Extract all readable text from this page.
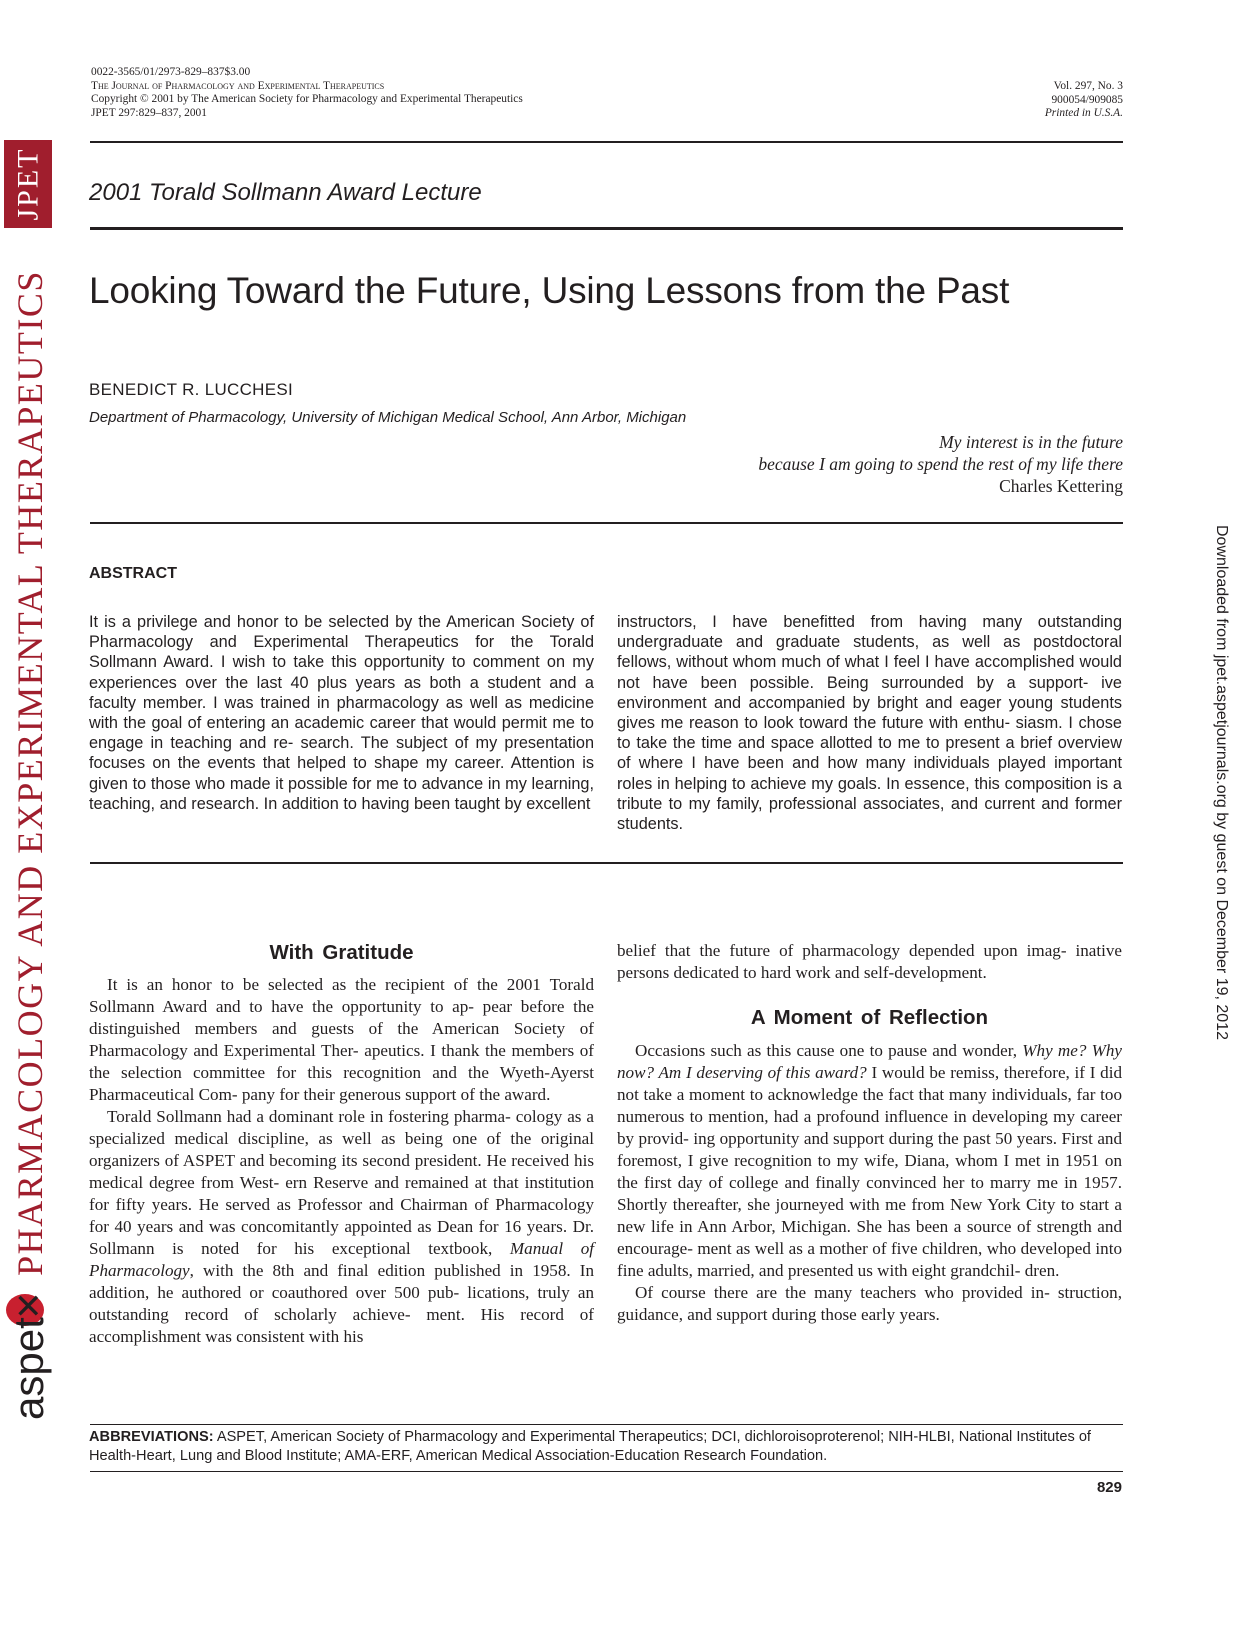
JPET
PHARMACOLOGY AND EXPERIMENTAL THERAPEUTICS
✕
aspet
Downloaded from jpet.aspetjournals.org by guest on December 19, 2012
0022-3565/01/2973-829–837$3.00
The Journal of Pharmacology and Experimental Therapeutics
Copyright © 2001 by The American Society for Pharmacology and Experimental Therapeutics
JPET 297:829–837, 2001
Vol. 297, No. 3
900054/909085
Printed in U.S.A.
2001 Torald Sollmann Award Lecture
Looking Toward the Future, Using Lessons from the Past
BENEDICT R. LUCCHESI
Department of Pharmacology, University of Michigan Medical School, Ann Arbor, Michigan
My interest is in the future
because I am going to spend the rest of my life there
Charles Kettering
ABSTRACT
It is a privilege and honor to be selected by the American Society of Pharmacology and Experimental Therapeutics for the Torald Sollmann Award. I wish to take this opportunity to comment on my experiences over the last 40 plus years as both a student and a faculty member. I was trained in pharmacology as well as medicine with the goal of entering an academic career that would permit me to engage in teaching and re- search. The subject of my presentation focuses on the events that helped to shape my career. Attention is given to those who made it possible for me to advance in my learning, teaching, and research. In addition to having been taught by excellent
instructors, I have benefitted from having many outstanding undergraduate and graduate students, as well as postdoctoral fellows, without whom much of what I feel I have accomplished would not have been possible. Being surrounded by a support- ive environment and accompanied by bright and eager young students gives me reason to look toward the future with enthu- siasm. I chose to take the time and space allotted to me to present a brief overview of where I have been and how many individuals played important roles in helping to achieve my goals. In essence, this composition is a tribute to my family, professional associates, and current and former students.
With Gratitude

It is an honor to be selected as the recipient of the 2001 Torald Sollmann Award and to have the opportunity to ap- pear before the distinguished members and guests of the American Society of Pharmacology and Experimental Ther- apeutics. I thank the members of the selection committee for this recognition and the Wyeth-Ayerst Pharmaceutical Com- pany for their generous support of the award.

Torald Sollmann had a dominant role in fostering pharma- cology as a specialized medical discipline, as well as being one of the original organizers of ASPET and becoming its second president. He received his medical degree from West- ern Reserve and remained at that institution for fifty years. He served as Professor and Chairman of Pharmacology for 40 years and was concomitantly appointed as Dean for 16 years. Dr. Sollmann is noted for his exceptional textbook, Manual of Pharmacology, with the 8th and final edition published in 1958. In addition, he authored or coauthored over 500 pub- lications, truly an outstanding record of scholarly achieve- ment. His record of accomplishment was consistent with his

belief that the future of pharmacology depended upon imag- inative persons dedicated to hard work and self-development.

A Moment of Reflection

Occasions such as this cause one to pause and wonder, Why me? Why now? Am I deserving of this award? I would be remiss, therefore, if I did not take a moment to acknowledge the fact that many individuals, far too numerous to mention, had a profound influence in developing my career by provid- ing opportunity and support during the past 50 years. First and foremost, I give recognition to my wife, Diana, whom I met in 1951 on the first day of college and finally convinced her to marry me in 1957. Shortly thereafter, she journeyed with me from New York City to start a new life in Ann Arbor, Michigan. She has been a source of strength and encourage- ment as well as a mother of five children, who developed into fine adults, married, and presented us with eight grandchil- dren.

Of course there are the many teachers who provided in- struction, guidance, and support during those early years.

ABBREVIATIONS: ASPET, American Society of Pharmacology and Experimental Therapeutics; DCI, dichloroisoproterenol; NIH-HLBI, National Institutes of Health-Heart, Lung and Blood Institute; AMA-ERF, American Medical Association-Education Research Foundation.
829
